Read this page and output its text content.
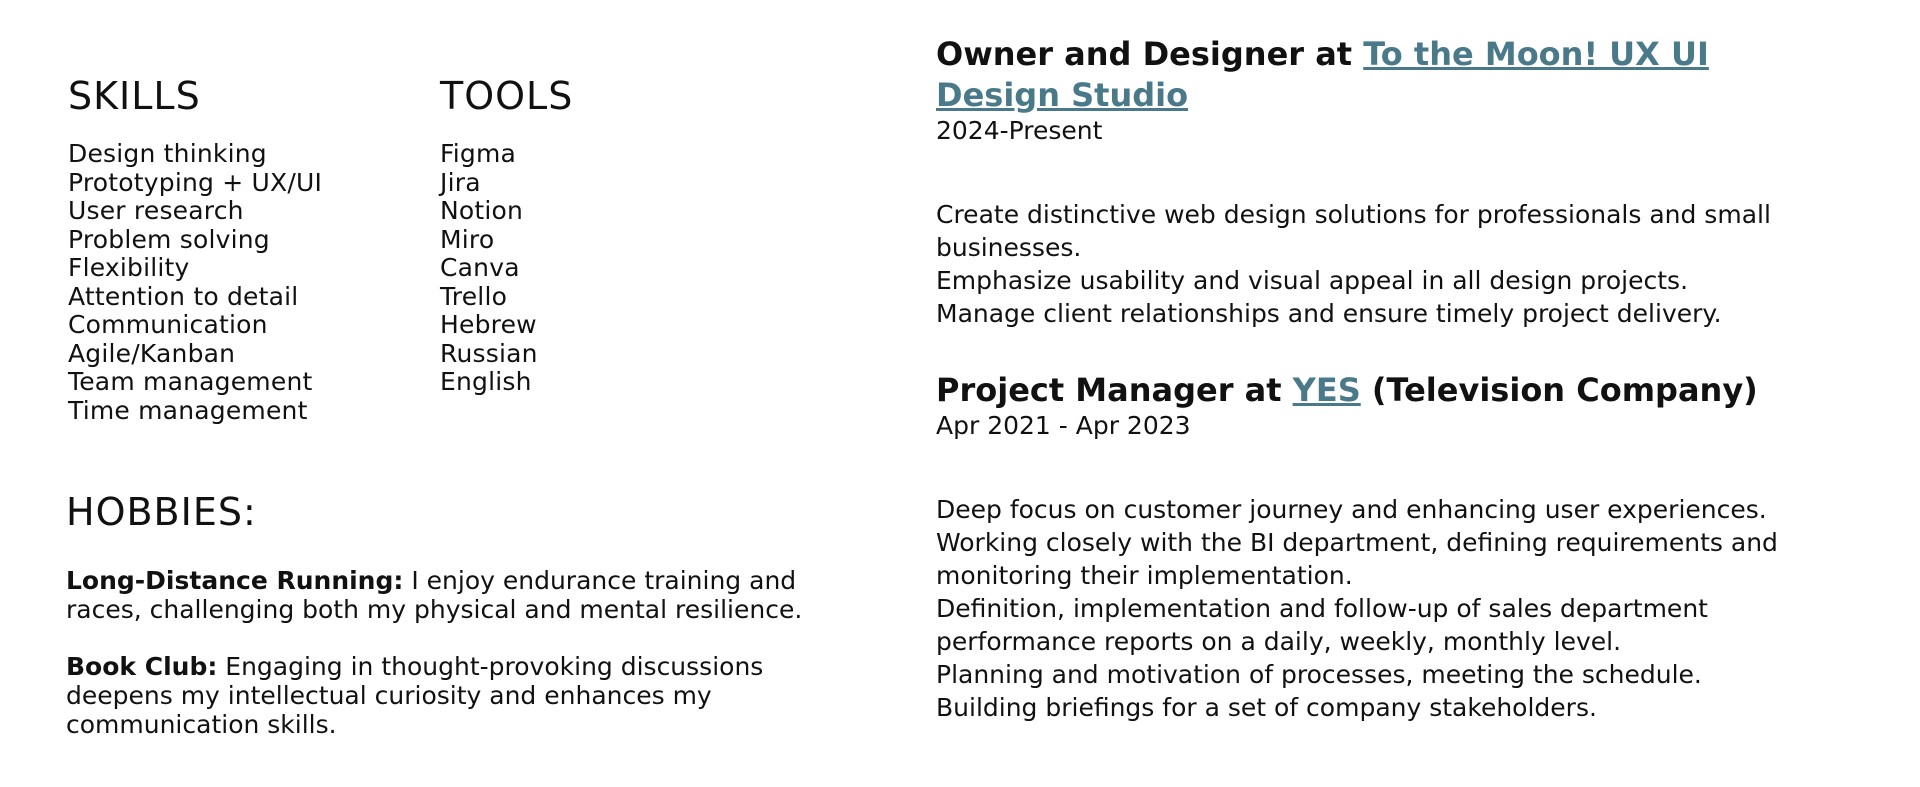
SKILLS
Design thinking
Prototyping + UX/UI
User research
Problem solving
Flexibility
Attention to detail
Communication
Agile/Kanban
Team management
Time management
TOOLS
Figma
Jira
Notion
Miro
Canva
Trello
Hebrew
Russian
English
HOBBIES:

Long-Distance Running: I enjoy endurance training and races, challenging both my physical and mental resilience.

Book Club: Engaging in thought-provoking discussions deepens my intellectual curiosity and enhances my communication skills.

Owner and Designer at To the Moon! UX UI Design Studio
2024-Present

Create distinctive web design solutions for professionals and small businesses.

Emphasize usability and visual appeal in all design projects.

Manage client relationships and ensure timely project delivery.

Project Manager at YES (Television Company)
Apr 2021 - Apr 2023

Deep focus on customer journey and enhancing user experiences.

Working closely with the BI department, defining requirements and monitoring their implementation.

Definition, implementation and follow-up of sales department performance reports on a daily, weekly, monthly level.

Planning and motivation of processes, meeting the schedule.

Building briefings for a set of company stakeholders.
